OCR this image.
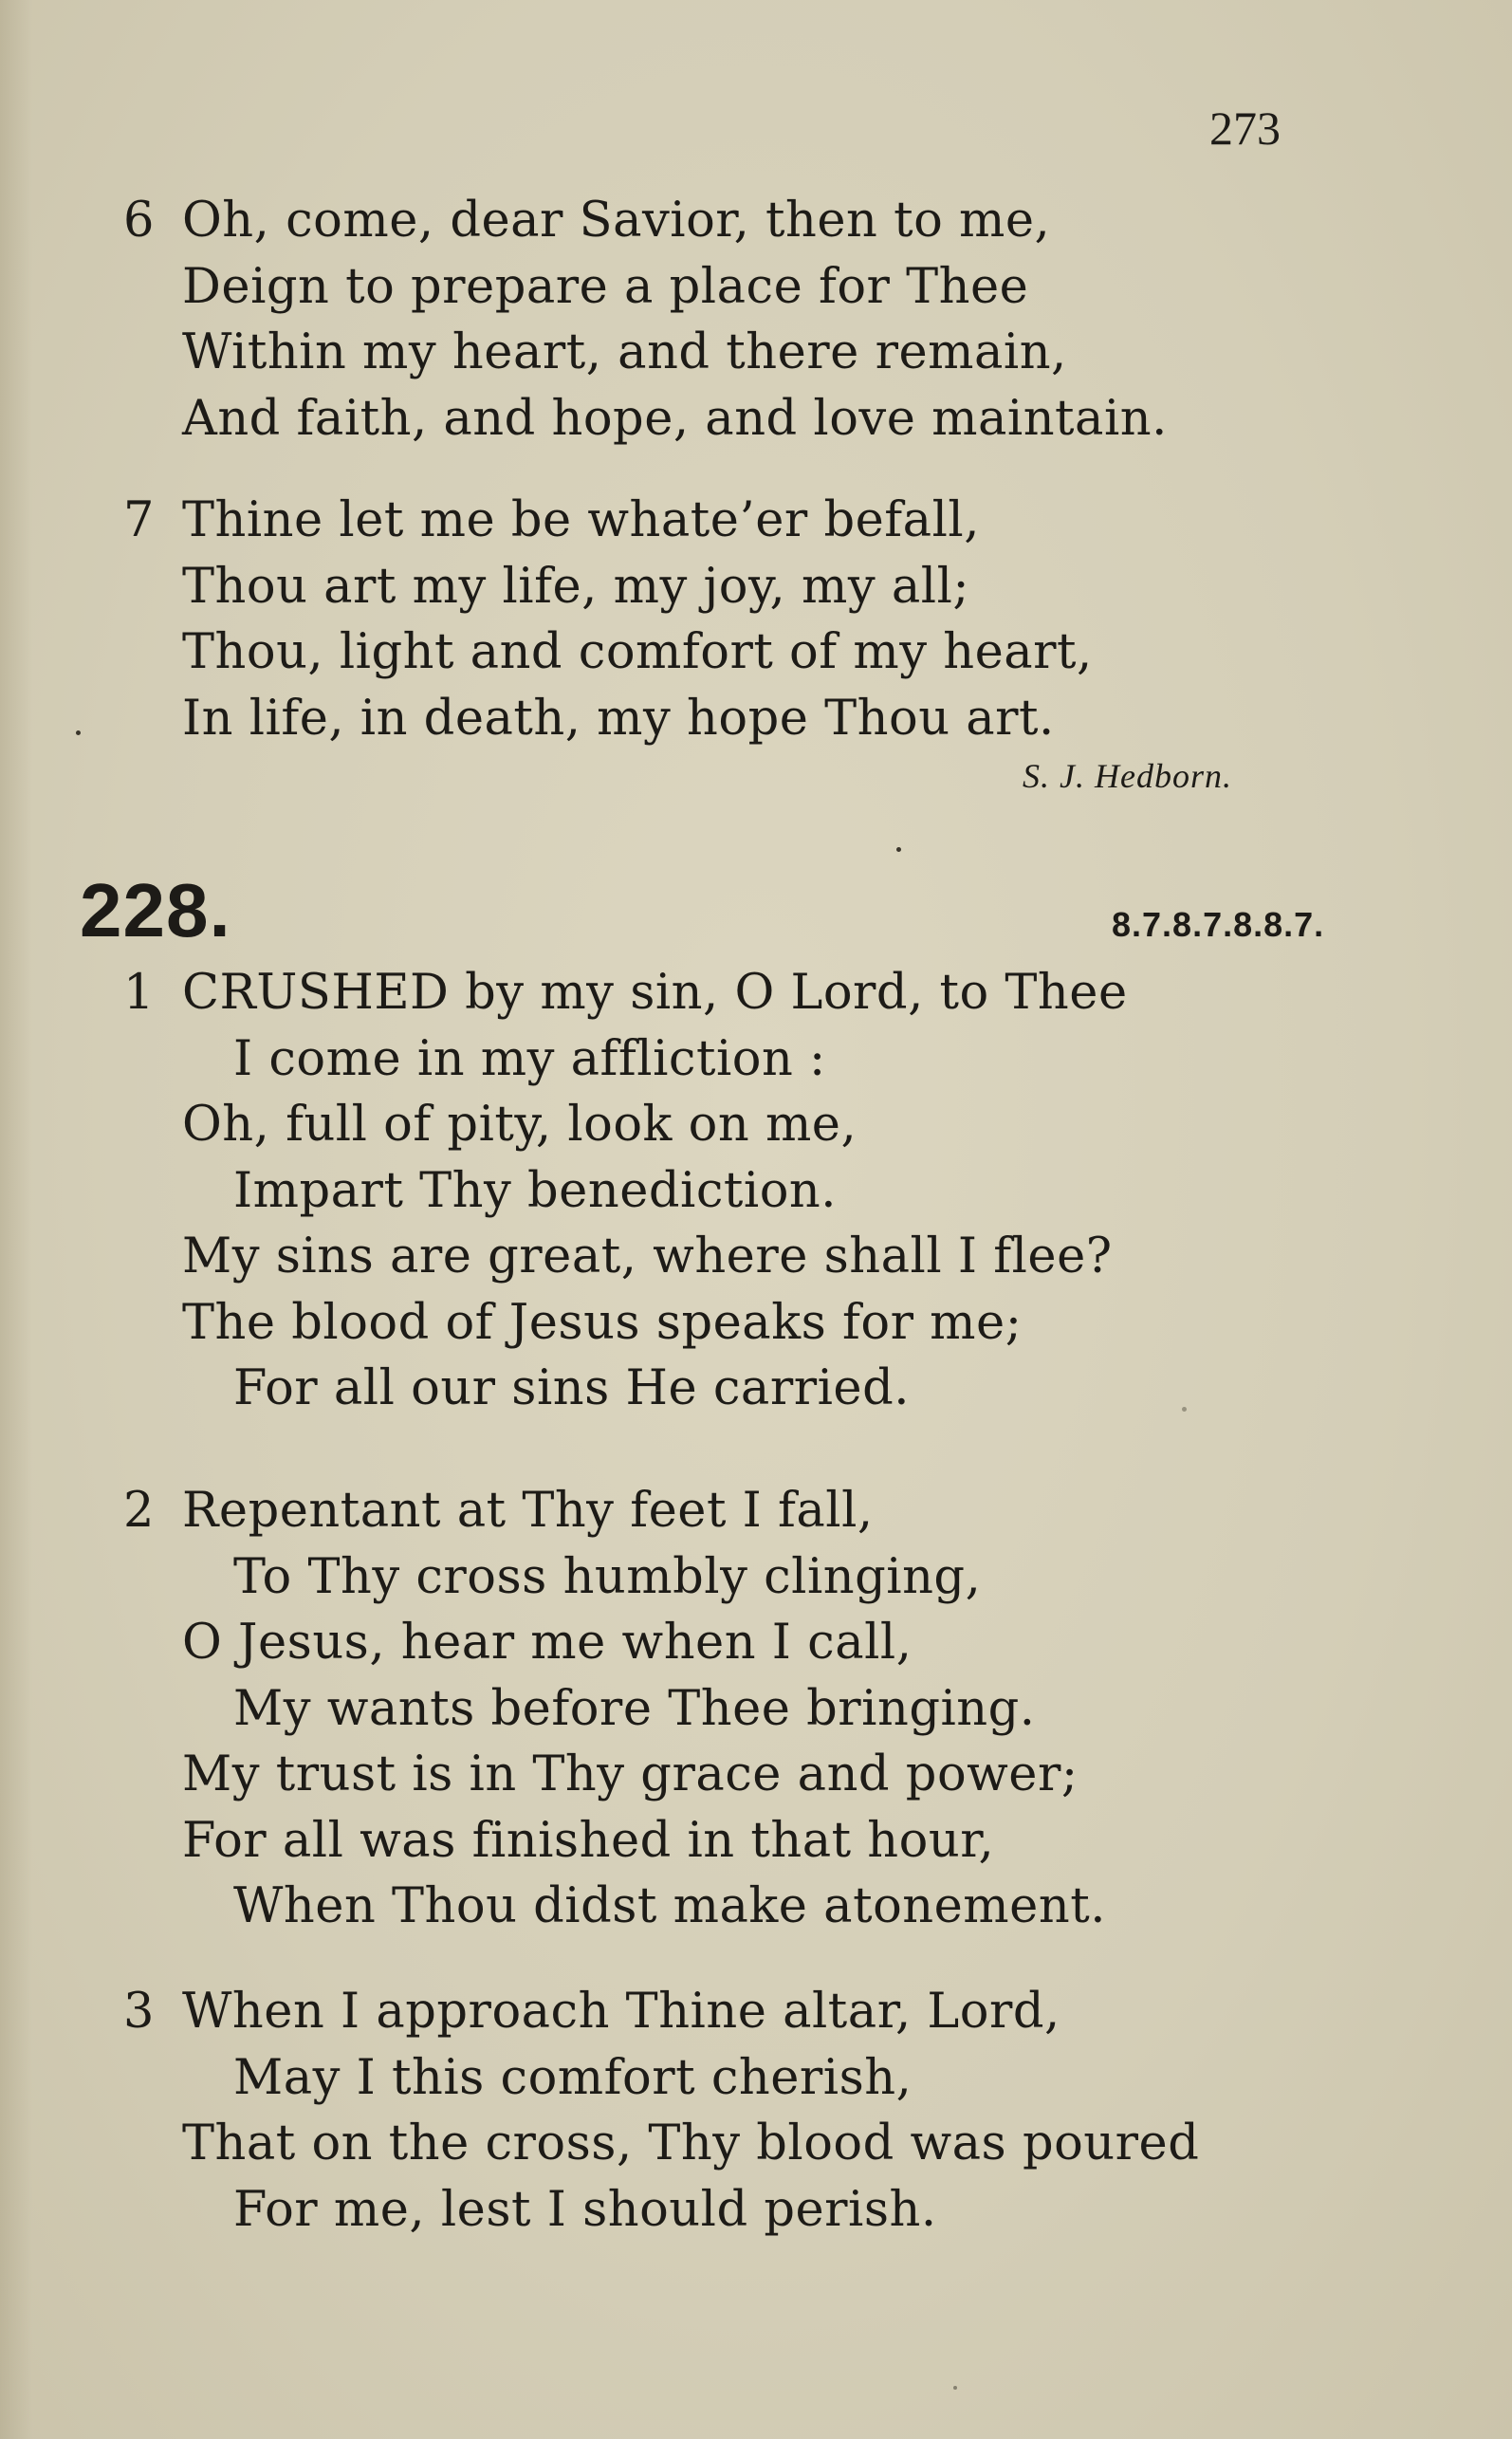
273
6 Oh, come, dear Savior, then to me,
Deign to prepare a place for Thee
Within my heart, and there remain,
And faith, and hope, and love maintain.
7 Thine let me be whate’er befall,
Thou art my life, my joy, my all;
Thou, light and comfort of my heart,
In life, in death, my hope Thou art.
S. J. Hedborn.
228.	8.7.8.7.8.8.7.
1 CRUSHED by my sin, O Lord, to Thee
I come in my affliction :
Oh, full of pity, look on me,
Impart Thy benediction.
My sins are great, where shall I flee?
The blood of Jesus speaks for me;
For all our sins He carried.
2 Repentant at Thy feet I fall,
To Thy cross humbly clinging,
O Jesus, hear me when I call,
My wants before Thee bringing.
My trust is in Thy grace and power;
For all was finished in that hour,
When Thou didst make atonement.
3 When I approach Thine altar, Lord,
May I this comfort cherish,
That on the cross, Thy blood was poured
For me, lest I should perish.
